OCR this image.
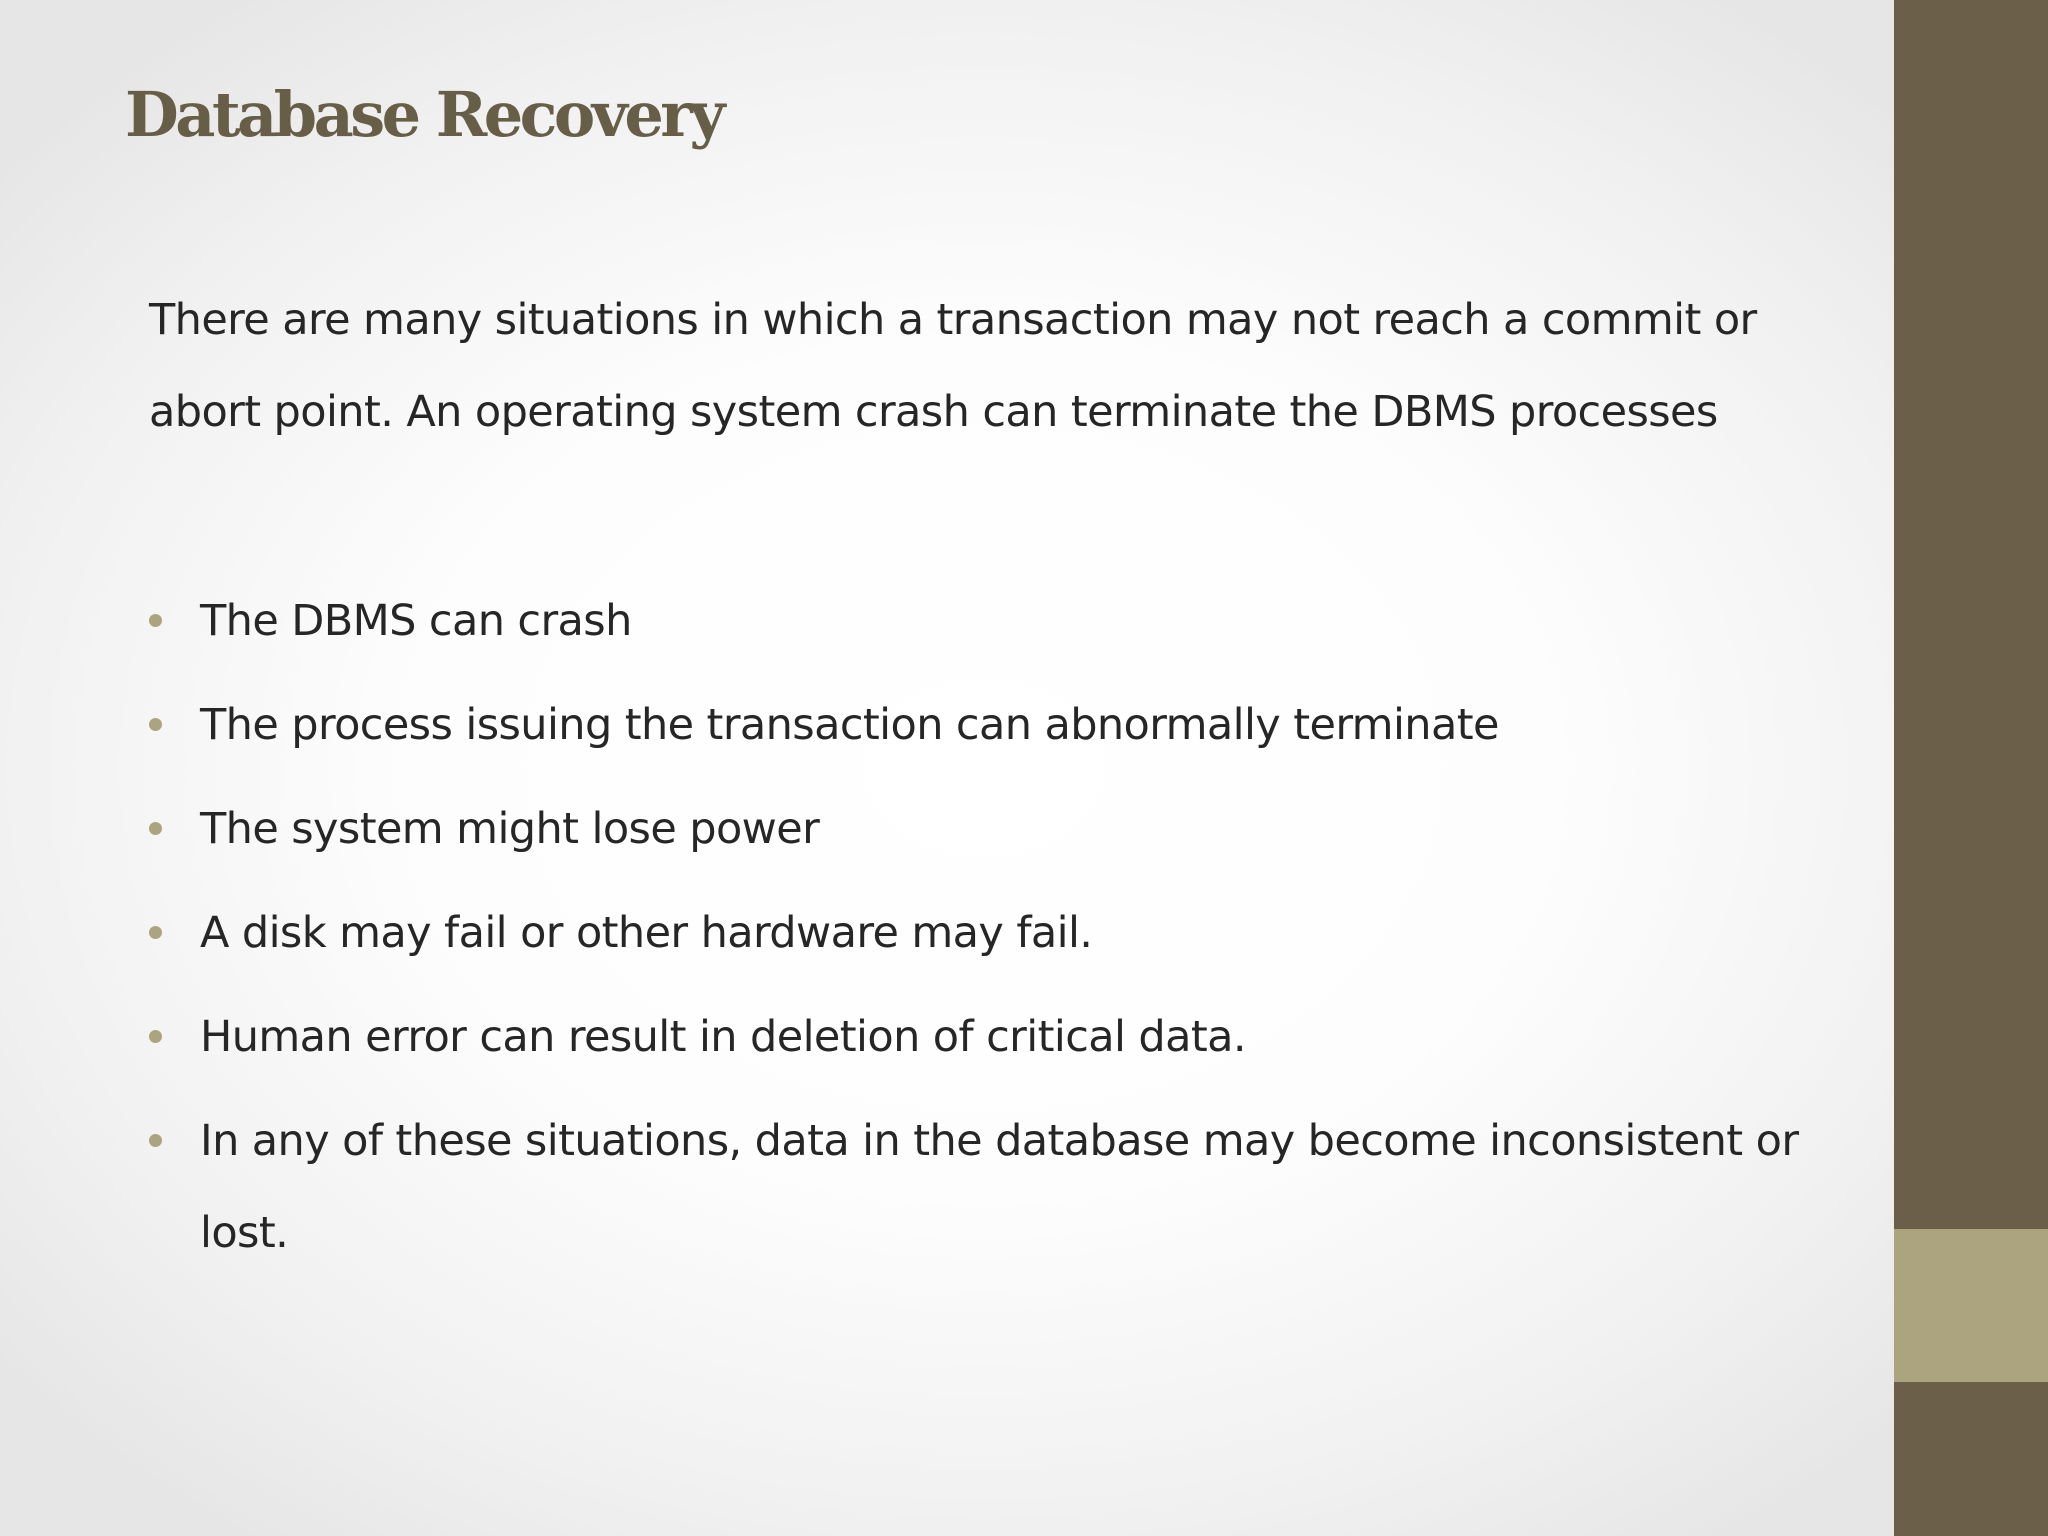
Database Recovery

There are many situations in which a transaction may not reach a commit or abort point. An operating system crash can terminate the DBMS processes

The DBMS can crash
The process issuing the transaction can abnormally terminate
The system might lose power
A disk may fail or other hardware may fail.
Human error can result in deletion of critical data.
In any of these situations, data in the database may become inconsistent or lost.
